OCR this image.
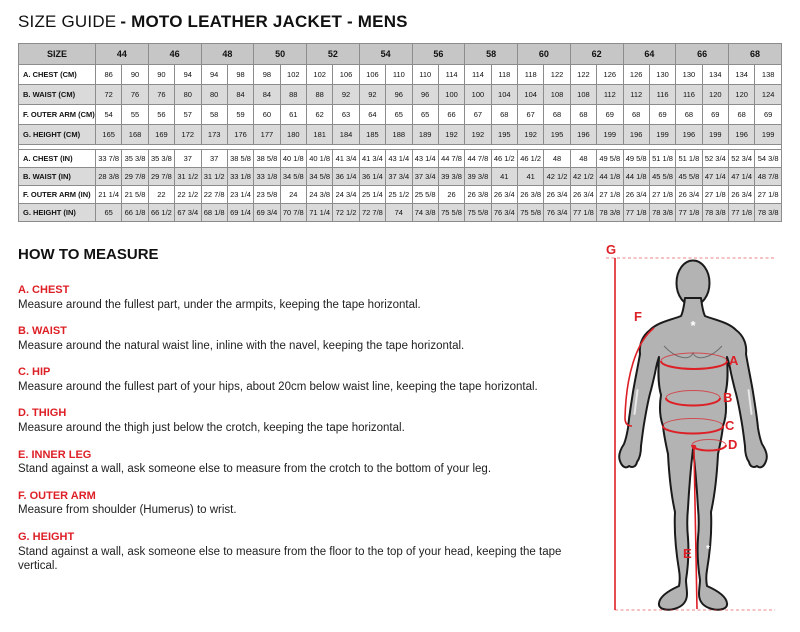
SIZE GUIDE - MOTO LEATHER JACKET - MENS
SIZE	44		46		48		50		52		54		56		58		60		62		64		66		68	
A. CHEST (CM)	86	90	90	94	94	98	98	102	102	106	106	110	110	114	114	118	118	122	122	126	126	130	130	134	134	138
B. WAIST (CM)	72	76	76	80	80	84	84	88	88	92	92	96	96	100	100	104	104	108	108	112	112	116	116	120	120	124
F. OUTER ARM (CM)	54	55	56	57	58	59	60	61	62	63	64	65	65	66	67	68	67	68	68	69	68	69	68	69	68	69
G. HEIGHT (CM)	165	168	169	172	173	176	177	180	181	184	185	188	189	192	192	195	192	195	196	199	196	199	196	199	196	199

A. CHEST (IN)	33 7/8	35 3/8	35 3/8	37	37	38 5/8	38 5/8	40 1/8	40 1/8	41 3/4	41 3/4	43 1/4	43 1/4	44 7/8	44 7/8	46 1/2	46 1/2	48	48	49 5/8	49 5/8	51 1/8	51 1/8	52 3/4	52 3/4	54 3/8
B. WAIST (IN)	28 3/8	29 7/8	29 7/8	31 1/2	31 1/2	33 1/8	33 1/8	34 5/8	34 5/8	36 1/4	36 1/4	37 3/4	37 3/4	39 3/8	39 3/8	41	41	42 1/2	42 1/2	44 1/8	44 1/8	45 5/8	45 5/8	47 1/4	47 1/4	48 7/8
F. OUTER ARM (IN)	21 1/4	21 5/8	22	22 1/2	22 7/8	23 1/4	23 5/8	24	24 3/8	24 3/4	25 1/4	25 1/2	25 5/8	26	26 3/8	26 3/4	26 3/8	26 3/4	26 3/4	27 1/8	26 3/4	27 1/8	26 3/4	27 1/8	26 3/4	27 1/8
G. HEIGHT (IN)	65	66 1/8	66 1/2	67 3/4	68 1/8	69 1/4	69 3/4	70 7/8	71 1/4	72 1/2	72 7/8	74	74 3/8	75 5/8	75 5/8	76 3/4	75 5/8	76 3/4	77 1/8	78 3/8	77 1/8	78 3/8	77 1/8	78 3/8	77 1/8	78 3/8
HOW TO MEASURE
A. CHEST
Measure around the fullest part, under the armpits, keeping the tape horizontal.
B. WAIST
Measure around the natural waist line, inline with the navel, keeping the tape horizontal.
C. HIP
Measure around the fullest part of your hips, about 20cm below waist line, keeping the tape horizontal.
D. THIGH
Measure around the thigh just below the crotch, keeping the tape horizontal.
E. INNER LEG
Stand against a wall, ask someone else to measure from the crotch to the bottom of your leg.
F. OUTER ARM
Measure from shoulder (Humerus) to wrist.
G. HEIGHT
Stand against a wall, ask someone else to measure from the floor to the top of your head, keeping the tape vertical.
*
*
G
F
A
B
C
D
E
